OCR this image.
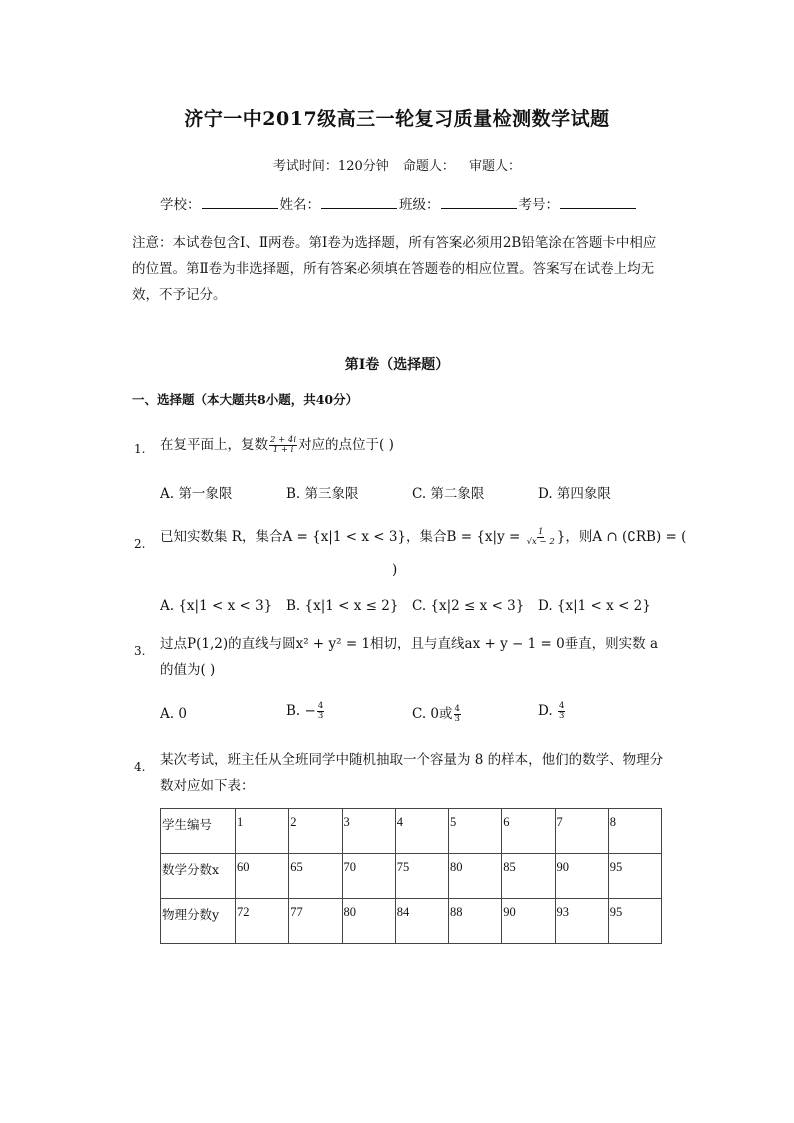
济宁一中2017级高三一轮复习质量检测数学试题
考试时间：120分钟 命题人： 审题人：
学校：	姓名：	班级：	考号：
注意：本试卷包含Ⅰ、Ⅱ两卷。第Ⅰ卷为选择题，所有答案必须用2B铅笔涂在答题卡中相应的位置。第Ⅱ卷为非选择题，所有答案必须填在答题卷的相应位置。答案写在试卷上均无效，不予记分。
第Ⅰ卷（选择题）
一、选择题（本大题共8小题，共40分）
1. 在复平面上，复数 $\frac{2 + 4i}{1 + i}$ 对应的点位于( )
A. 第一象限	B. 第三象限	C. 第二象限	D. 第四象限
2. 已知实数集 R，集合A = {x|1 < x < 3}，集合$B = \{x|y = \frac{1}{√x - 2}$ }，则A ∩ (∁RB) = (
)
A. {x|1 < x < 3} B. {x|1 < x ≤ 2} C. {x|2 ≤ x < 3} D. {x|1 < x < 2}
3. 过点P(1,2)的直线与圆x² + y² = 1相切，且与直线ax + y − 1 = 0垂直，则实数 a 的值为( )
A. 0	B. − $\frac{4}{3}$	C. 0或 $\frac{4}{3}$	D. $\frac{4}{3}$
4. 某次考试，班主任从全班同学中随机抽取一个容量为 8 的样本，他们的数学、物理分数对应如下表：
学生编号	1	2	3	4	5	6	7	8
数学分数x	60	65	70	75	80	85	90	95
物理分数y	72	77	80	84	88	90	93	95
